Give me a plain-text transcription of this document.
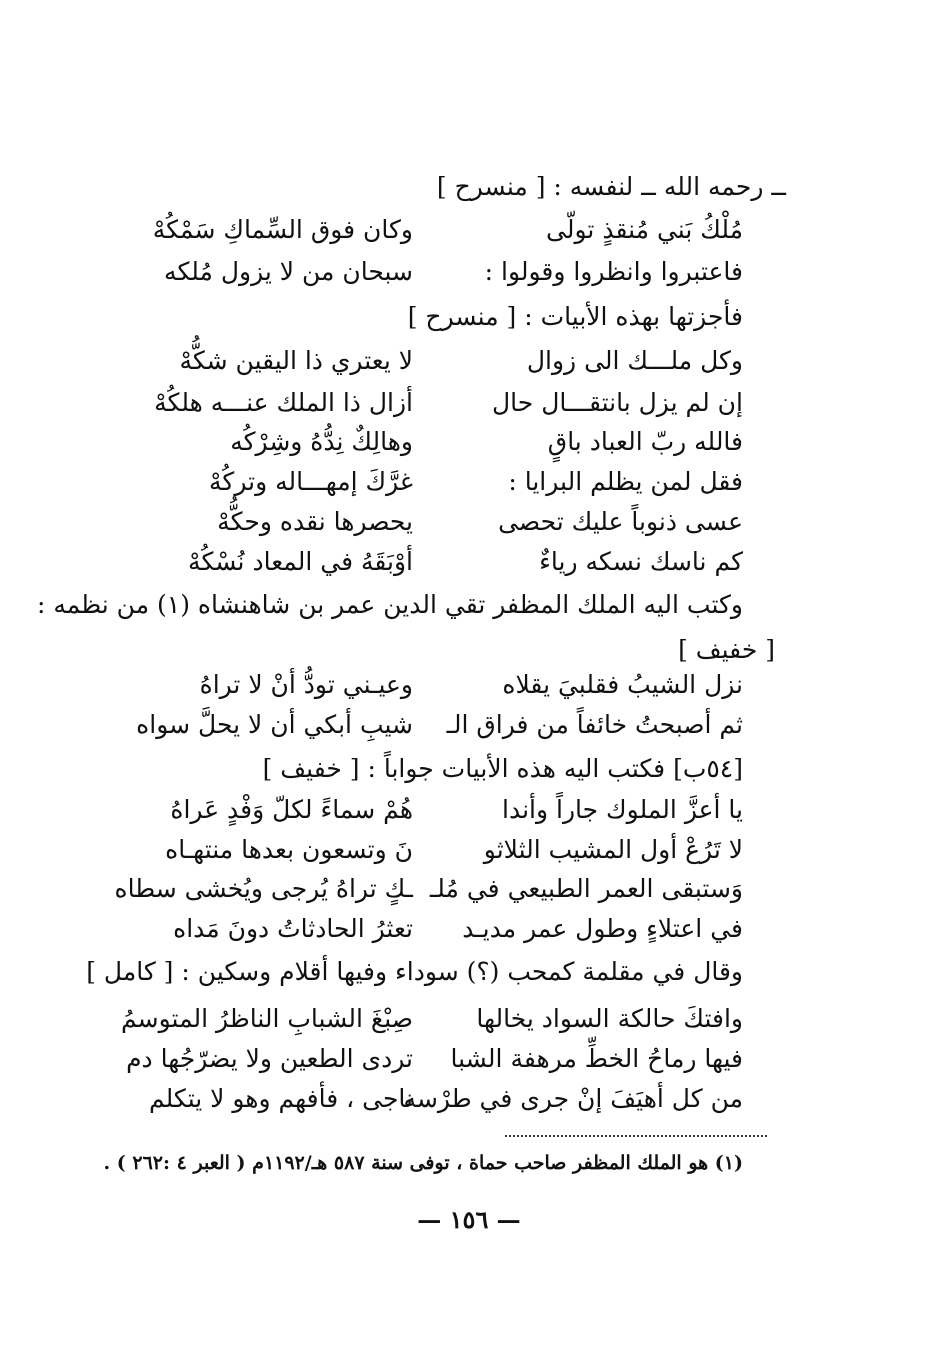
ــ رحمه الله ــ لنفسه : [ منسرح ]
مُلْكُ بَني مُنقذٍ تولّى
وكان فوق السِّماكِ سَمْكُهْ
فاعتبروا وانظروا وقولوا :
سبحان من لا يزول مُلكه
فأجزتها بهذه الأبيات : [ منسرح ]
وكل ملـــك الى زوال
لا يعتري ذا اليقين شكُّهْ
إن لم يزل بانتقـــال حال
أزال ذا الملك عنـــه هلكُهْ
فالله ربّ العباد باقٍ
وهالِكٌ نِدُّهُ وشِرْكُه
فقل لمن يظلم البرايا :
غرَّكَ إمهـــاله وتركُهْ
عسى ذنوباً عليك تحصى
يحصرها نقده وحكُّهْ
كم ناسك نسكه رياءٌ
أوْبَقَهُ في المعاد نُسْكُهْ
وكتب اليه الملك المظفر تقي الدين عمر بن شاهنشاه (١) من نظمه :
[ خفيف ]
نزل الشيبُ فقلبيَ يقلاه
وعيـني تودُّ أنْ لا تراهُ
ثم أصبحتُ خائفاً من فراق الـ
شيبِ أبكي أن لا يحلَّ سواه
[٥٤ب] فكتب اليه هذه الأبيات جواباً : [ خفيف ]
يا أعزَّ الملوك جاراً وأندا
هُمْ سماءً لكلّ وَفْدٍ عَراهُ
لا تَرُعْ أول المشيب الثلاثو
نَ وتسعون بعدها منتهـاه
وَستبقى العمر الطبيعي في مُلـ
ـكٍ تراهُ يُرجى ويُخشى سطاه
في اعتلاءٍ وطول عمر مديـد
تعثرُ الحادثاتُ دونَ مَداه
وقال في مقلمة كمحب (؟) سوداء وفيها أقلام وسكين : [ كامل ]
وافتكَ حالكة السواد يخالها
صِبْغَ الشبابِ الناظرُ المتوسمُ
فيها رماحُ الخطِّ مرهفة الشبا
تردى الطعين ولا يضرّجُها دم
من كل أهيَفَ إنْ جرى في طرْسه
ناجى ، فأفهم وهو لا يتكلم
(١) هو الملك المظفر صاحب حماة ، توفى سنة ٥٨٧ هـ/١١٩٢م ( العبر ٤ :٢٦٢ ) .
— ١٥٦ —
